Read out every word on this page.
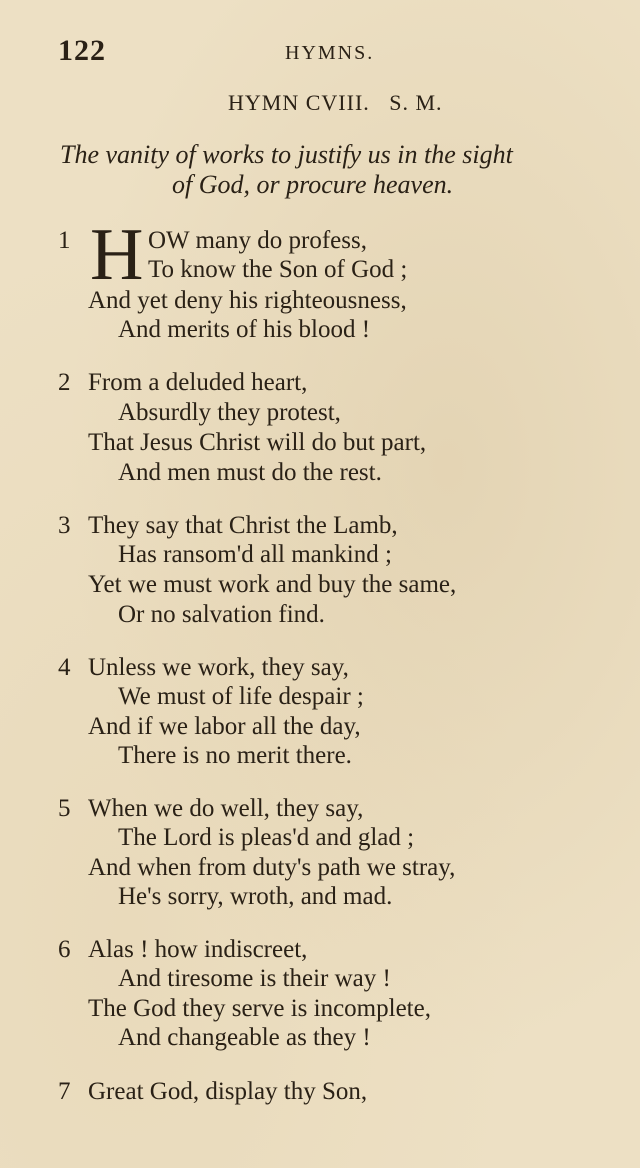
122	HYMNS.
HYMN CVIII.   S. M.
The vanity of works to justify us in the sight
of God, or procure heaven.
1 H OW many do profess,
To know the Son of God ;
And yet deny his righteousness,
And merits of his blood !
2 From a deluded heart,
Absurdly they protest,
That Jesus Christ will do but part,
And men must do the rest.
3 They say that Christ the Lamb,
Has ransom'd all mankind ;
Yet we must work and buy the same,
Or no salvation find.
4 Unless we work, they say,
We must of life despair ;
And if we labor all the day,
There is no merit there.
5 When we do well, they say,
The Lord is pleas'd and glad ;
And when from duty's path we stray,
He's sorry, wroth, and mad.
6 Alas ! how indiscreet,
And tiresome is their way !
The God they serve is incomplete,
And changeable as they !
7 Great God, display thy Son,
